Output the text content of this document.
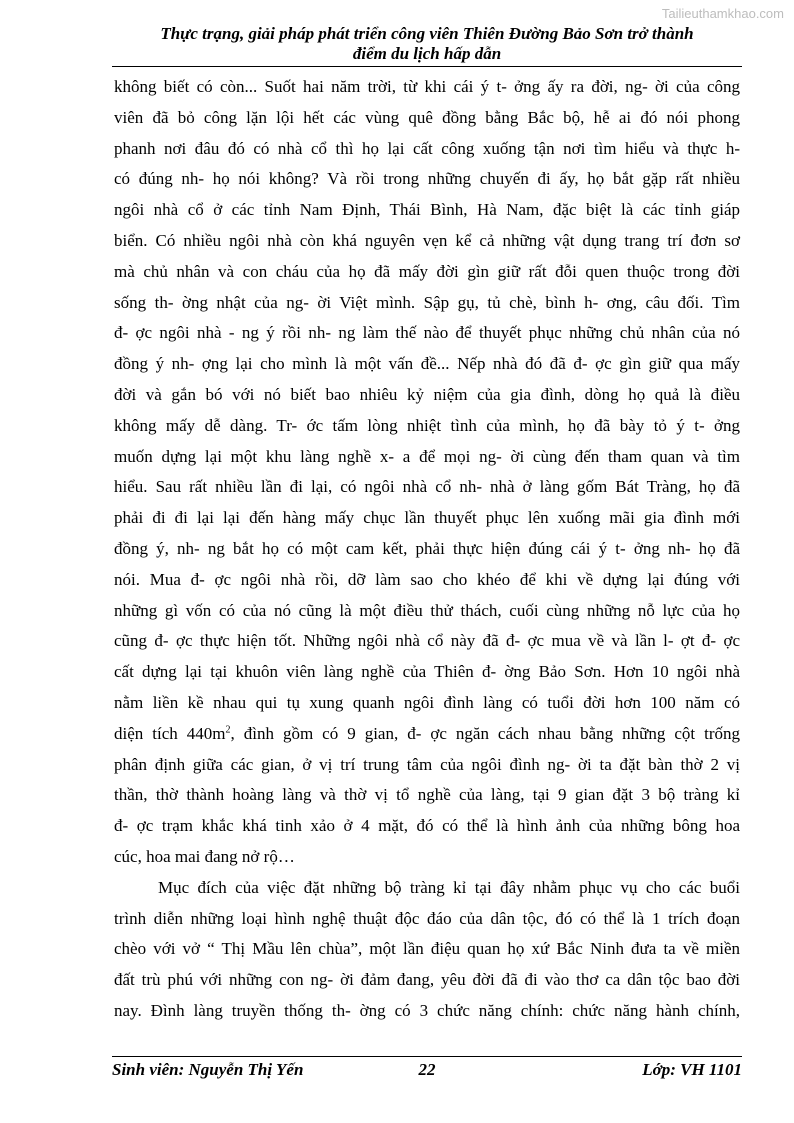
Tailieuthamkhao.com
Thực trạng, giải pháp phát triển công viên Thiên Đường Bảo Sơn trở thành
điểm du lịch hấp dẫn

không biết có còn... Suốt hai năm trời, từ khi cái ý t- ởng ấy ra đời, ng- ời của công
viên đã bỏ công lặn lội hết các vùng quê đồng bằng Bắc bộ, hễ ai đó nói phong
phanh nơi đâu đó có nhà cổ thì họ lại cất công xuống tận nơi tìm hiểu và thực h-
có đúng nh- họ nói không? Và rồi trong những chuyến đi ấy, họ bắt gặp rất nhiều
ngôi nhà cổ ở các tỉnh Nam Định, Thái Bình, Hà Nam, đặc biệt là các tỉnh giáp
biển. Có nhiều ngôi nhà còn khá nguyên vẹn kể cả những vật dụng trang trí đơn sơ
mà chủ nhân và con cháu của họ đã mấy đời gìn giữ rất đỗi quen thuộc trong đời
sống th- ờng nhật của ng- ời Việt mình. Sập gụ, tủ chè, bình h- ơng, câu đối. Tìm
đ- ợc ngôi nhà - ng ý rồi nh- ng làm thế nào để thuyết phục những chủ nhân của nó
đồng ý nh- ợng lại cho mình là một vấn đề... Nếp nhà đó đã đ- ợc gìn giữ qua mấy
đời và gắn bó với nó biết bao nhiêu kỷ niệm của gia đình, dòng họ quả là điều
không mấy dễ dàng. Tr- ớc tấm lòng nhiệt tình của mình, họ đã bày tỏ ý t- ởng
muốn dựng lại một khu làng nghề x- a để mọi ng- ời cùng đến tham quan và tìm
hiểu. Sau rất nhiều lần đi lại, có ngôi nhà cổ nh- nhà ở làng gốm Bát Tràng, họ đã
phải đi đi lại lại đến hàng mấy chục lần thuyết phục lên xuống mãi gia đình mới
đồng ý, nh- ng bắt họ có một cam kết, phải thực hiện đúng cái ý t- ởng nh- họ đã
nói. Mua đ- ợc ngôi nhà rồi, dỡ làm sao cho khéo để khi về dựng lại đúng với
những gì vốn có của nó cũng là một điều thử thách, cuối cùng những nỗ lực của họ
cũng đ- ợc thực hiện tốt. Những ngôi nhà cổ này đã đ- ợc mua về và lần l- ợt đ- ợc
cất dựng lại tại khuôn viên làng nghề của Thiên đ- ờng Bảo Sơn. Hơn 10 ngôi nhà
nằm liền kề nhau qui tụ xung quanh ngôi đình làng có tuổi đời hơn 100 năm có
diện tích $440m^2$, đình gồm có 9 gian, đ- ợc ngăn cách nhau bằng những cột trống
phân định giữa các gian, ở vị trí trung tâm của ngôi đình ng- ời ta đặt bàn thờ 2 vị
thần, thờ thành hoàng làng và thờ vị tổ nghề của làng, tại 9 gian đặt 3 bộ tràng kỉ
đ- ợc trạm khắc khá tinh xảo ở 4 mặt, đó có thể là hình ảnh của những bông hoa
cúc, hoa mai đang nở rộ…

Mục đích của việc đặt những bộ tràng kỉ tại đây nhằm phục vụ cho các buổi
trình diễn những loại hình nghệ thuật độc đáo của dân tộc, đó có thể là 1 trích đoạn
chèo với vở “ Thị Mầu lên chùa”, một lần điệu quan họ xứ Bắc Ninh đưa ta về miền
đất trù phú với những con ng- ời đảm đang, yêu đời đã đi vào thơ ca dân tộc bao đời
nay. Đình làng truyền thống th- ờng có 3 chức năng chính: chức năng hành chính,

Sinh viên: Nguyễn Thị Yến	22	Lớp: VH 1101
